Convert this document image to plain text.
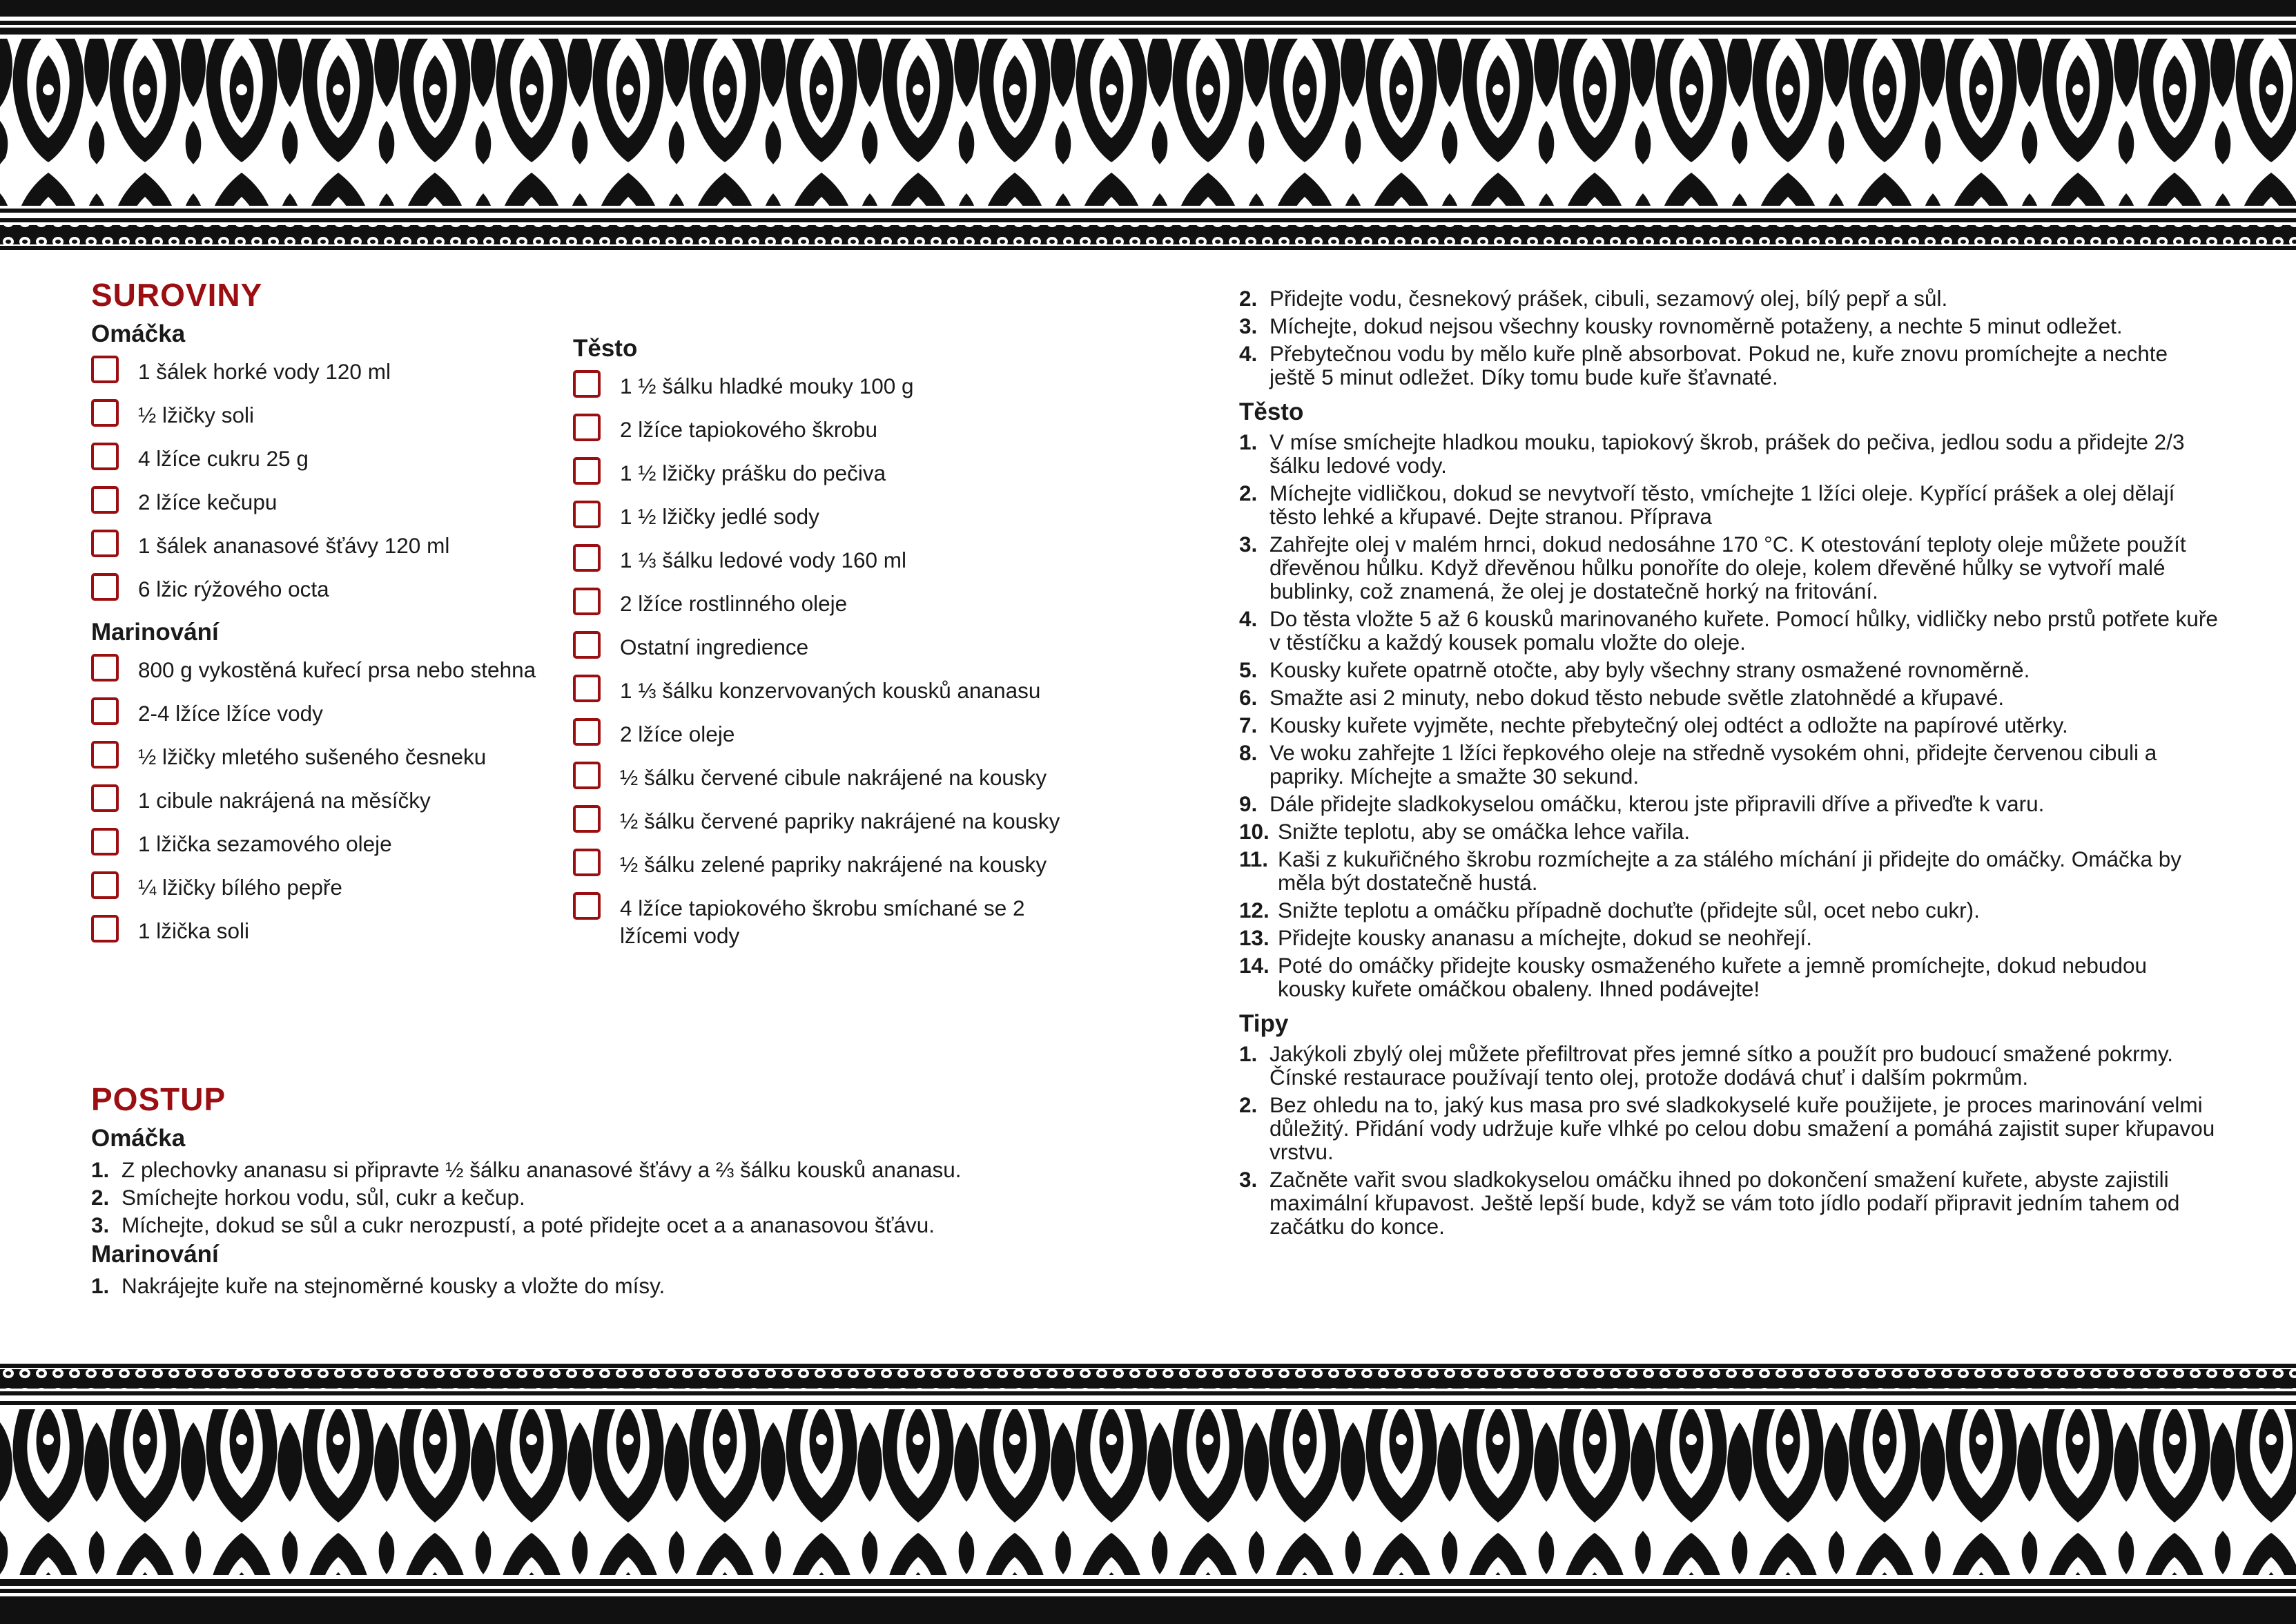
SUROVINY
Omáčka
1 šálek horké vody 120 ml
½ lžičky soli
4 lžíce cukru 25 g
2 lžíce kečupu
1 šálek ananasové šťávy 120 ml
6 lžic rýžového octa
Marinování
800 g vykostěná kuřecí prsa nebo stehna
2-4 lžíce lžíce vody
½ lžičky mletého sušeného česneku
1 cibule nakrájená na měsíčky
1 lžička sezamového oleje
¼ lžičky bílého pepře
1 lžička soli
Těsto
1 ½ šálku hladké mouky 100 g
2 lžíce tapiokového škrobu
1 ½ lžičky prášku do pečiva
1 ½ lžičky jedlé sody
1 ⅓ šálku ledové vody 160 ml
2 lžíce rostlinného oleje
Ostatní ingredience
1 ⅓ šálku konzervovaných kousků ananasu
2 lžíce oleje
½ šálku červené cibule nakrájené na kousky
½ šálku červené papriky nakrájené na kousky
½ šálku zelené papriky nakrájené na kousky
4 lžíce tapiokového škrobu smíchané se 2 lžícemi vody
POSTUP
Omáčka
1. Z plechovky ananasu si připravte ½ šálku ananasové šťávy a ⅔ šálku kousků ananasu.
2. Smíchejte horkou vodu, sůl, cukr a kečup.
3. Míchejte, dokud se sůl a cukr nerozpustí, a poté přidejte ocet a a ananasovou šťávu.
Marinování
1. Nakrájejte kuře na stejnoměrné kousky a vložte do mísy.
2. Přidejte vodu, česnekový prášek, cibuli, sezamový olej, bílý pepř a sůl.
3. Míchejte, dokud nejsou všechny kousky rovnoměrně potaženy, a nechte 5 minut odležet.
4. Přebytečnou vodu by mělo kuře plně absorbovat. Pokud ne, kuře znovu promíchejte a nechte ještě 5 minut odležet. Díky tomu bude kuře šťavnaté.
Těsto
1. V míse smíchejte hladkou mouku, tapiokový škrob, prášek do pečiva, jedlou sodu a přidejte 2/3 šálku ledové vody.
2. Míchejte vidličkou, dokud se nevytvoří těsto, vmíchejte 1 lžíci oleje. Kypřící prášek a olej dělají těsto lehké a křupavé. Dejte stranou. Příprava
3. Zahřejte olej v malém hrnci, dokud nedosáhne 170 °C. K otestování teploty oleje můžete použít dřevěnou hůlku. Když dřevěnou hůlku ponoříte do oleje, kolem dřevěné hůlky se vytvoří malé bublinky, což znamená, že olej je dostatečně horký na fritování.
4. Do těsta vložte 5 až 6 kousků marinovaného kuřete. Pomocí hůlky, vidličky nebo prstů potřete kuře v těstíčku a každý kousek pomalu vložte do oleje.
5. Kousky kuřete opatrně otočte, aby byly všechny strany osmažené rovnoměrně.
6. Smažte asi 2 minuty, nebo dokud těsto nebude světle zlatohnědé a křupavé.
7. Kousky kuřete vyjměte, nechte přebytečný olej odtéct a odložte na papírové utěrky.
8. Ve woku zahřejte 1 lžíci řepkového oleje na středně vysokém ohni, přidejte červenou cibuli a papriky. Míchejte a smažte 30 sekund.
9. Dále přidejte sladkokyselou omáčku, kterou jste připravili dříve a přiveďte k varu.
10. Snižte teplotu, aby se omáčka lehce vařila.
11. Kaši z kukuřičného škrobu rozmíchejte a za stálého míchání ji přidejte do omáčky. Omáčka by měla být dostatečně hustá.
12. Snižte teplotu a omáčku případně dochuťte (přidejte sůl, ocet nebo cukr).
13. Přidejte kousky ananasu a míchejte, dokud se neohřejí.
14. Poté do omáčky přidejte kousky osmaženého kuřete a jemně promíchejte, dokud nebudou kousky kuřete omáčkou obaleny. Ihned podávejte!
Tipy
1. Jakýkoli zbylý olej můžete přefiltrovat přes jemné sítko a použít pro budoucí smažené pokrmy. Čínské restaurace používají tento olej, protože dodává chuť i dalším pokrmům.
2. Bez ohledu na to, jaký kus masa pro své sladkokyselé kuře použijete, je proces marinování velmi důležitý. Přidání vody udržuje kuře vlhké po celou dobu smažení a pomáhá zajistit super křupavou vrstvu.
3. Začněte vařit svou sladkokyselou omáčku ihned po dokončení smažení kuřete, abyste zajistili maximální křupavost. Ještě lepší bude, když se vám toto jídlo podaří připravit jedním tahem od začátku do konce.
